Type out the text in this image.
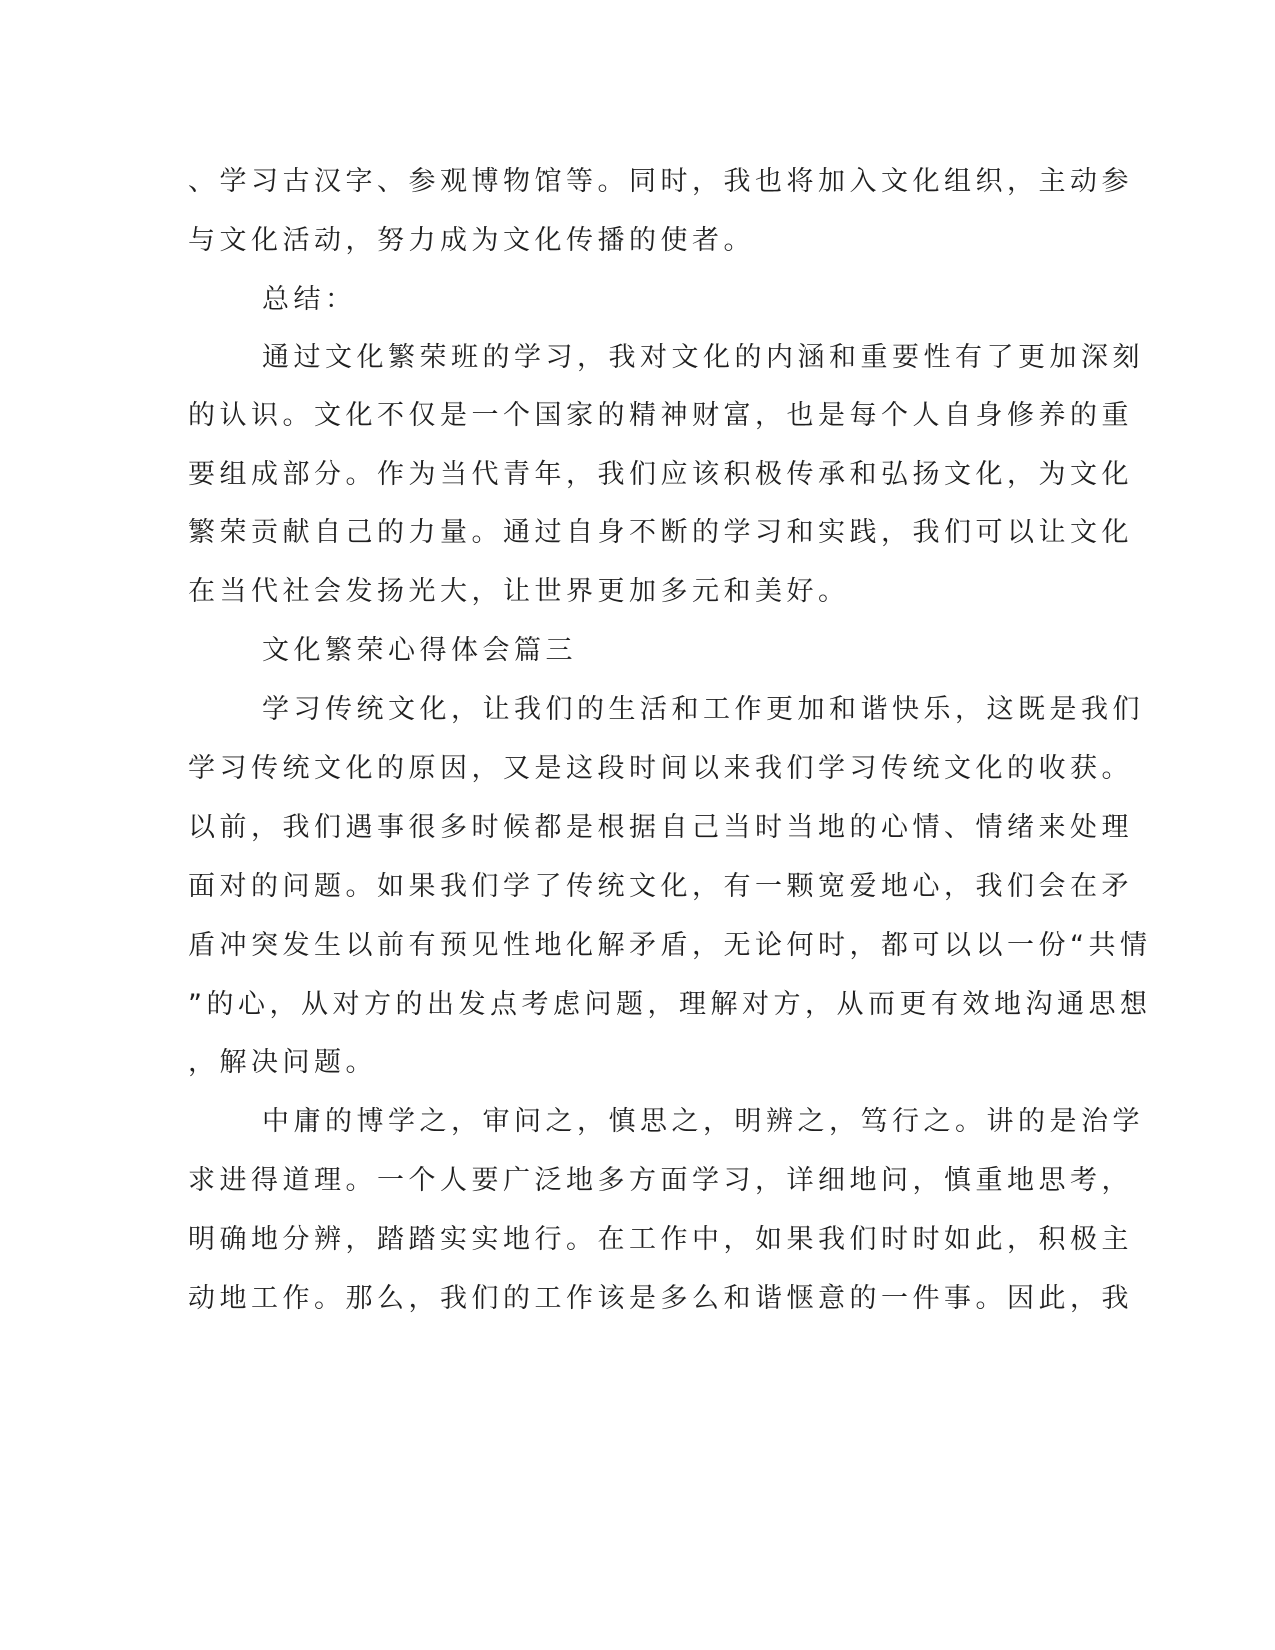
、学习古汉字、参观博物馆等。同时，我也将加入文化组织，主动参
与文化活动，努力成为文化传播的使者。
总结：
通过文化繁荣班的学习，我对文化的内涵和重要性有了更加深刻
的认识。文化不仅是一个国家的精神财富，也是每个人自身修养的重
要组成部分。作为当代青年，我们应该积极传承和弘扬文化，为文化
繁荣贡献自己的力量。通过自身不断的学习和实践，我们可以让文化
在当代社会发扬光大，让世界更加多元和美好。
文化繁荣心得体会篇三
学习传统文化，让我们的生活和工作更加和谐快乐，这既是我们
学习传统文化的原因，又是这段时间以来我们学习传统文化的收获。
以前，我们遇事很多时候都是根据自己当时当地的心情、情绪来处理
面对的问题。如果我们学了传统文化，有一颗宽爱地心，我们会在矛
盾冲突发生以前有预见性地化解矛盾，无论何时，都可以以一份“共情
”的心，从对方的出发点考虑问题，理解对方，从而更有效地沟通思想
，解决问题。
中庸的博学之，审问之，慎思之，明辨之，笃行之。讲的是治学
求进得道理。一个人要广泛地多方面学习，详细地问，慎重地思考，
明确地分辨，踏踏实实地行。在工作中，如果我们时时如此，积极主
动地工作。那么，我们的工作该是多么和谐惬意的一件事。因此，我
